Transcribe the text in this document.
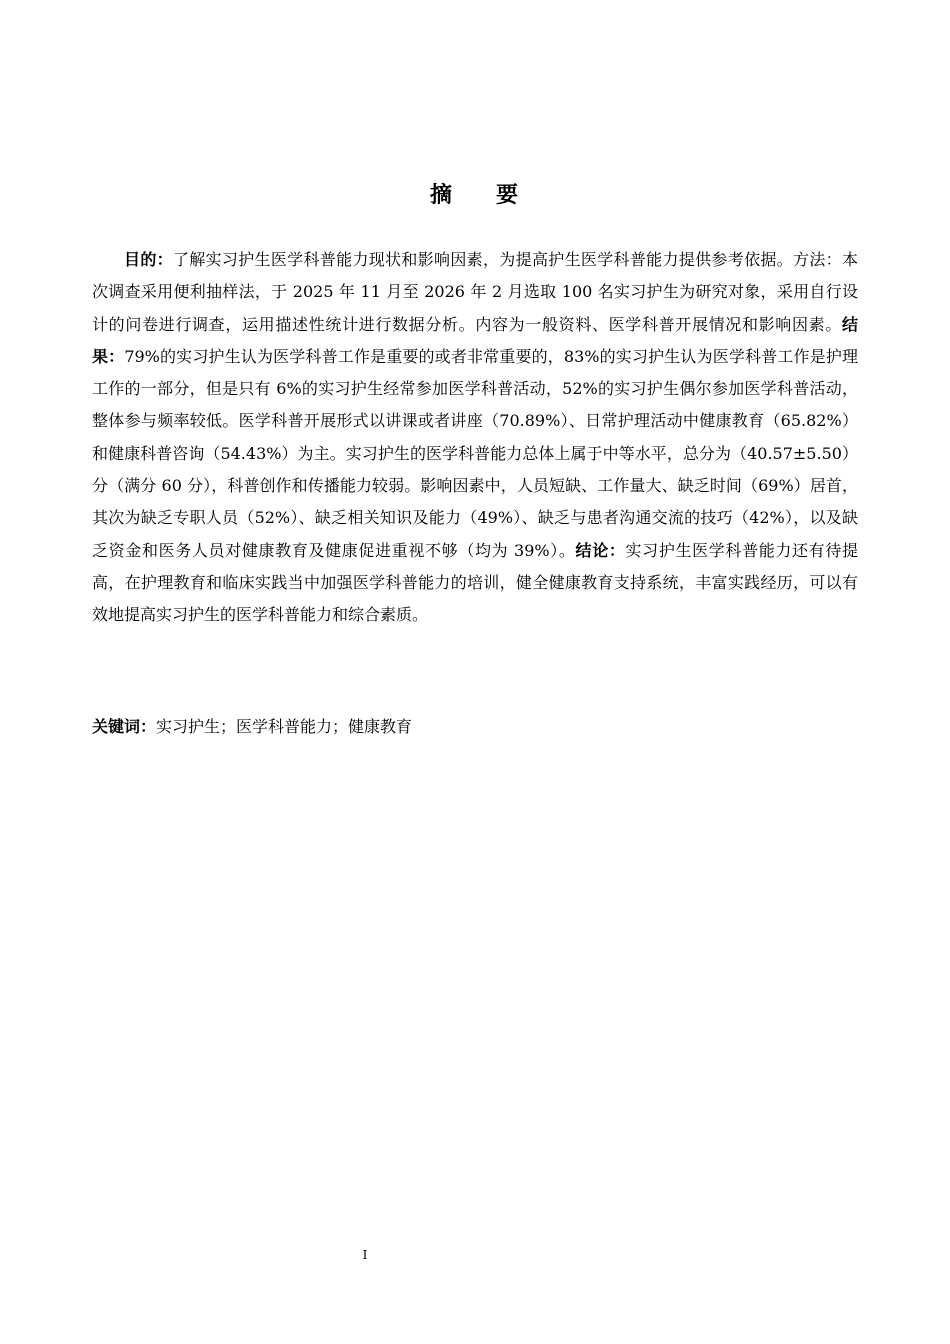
摘 要

目的：了解实习护生医学科普能力现状和影响因素，为提高护生医学科普能力提供参考依据。方法：本次调查采用便利抽样法，于 2025 年 11 月至 2026 年 2 月选取 100 名实习护生为研究对象，采用自行设计的问卷进行调查，运用描述性统计进行数据分析。内容为一般资料、医学科普开展情况和影响因素。结果：79%的实习护生认为医学科普工作是重要的或者非常重要的，83%的实习护生认为医学科普工作是护理工作的一部分，但是只有 6%的实习护生经常参加医学科普活动，52%的实习护生偶尔参加医学科普活动，整体参与频率较低。医学科普开展形式以讲课或者讲座（70.89%）、日常护理活动中健康教育（65.82%）和健康科普咨询（54.43%）为主。实习护生的医学科普能力总体上属于中等水平，总分为（40.57±5.50）分（满分 60 分），科普创作和传播能力较弱。影响因素中，人员短缺、工作量大、缺乏时间（69%）居首，其次为缺乏专职人员（52%）、缺乏相关知识及能力（49%）、缺乏与患者沟通交流的技巧（42%），以及缺乏资金和医务人员对健康教育及健康促进重视不够（均为 39%）。结论：实习护生医学科普能力还有待提高，在护理教育和临床实践当中加强医学科普能力的培训，健全健康教育支持系统，丰富实践经历，可以有效地提高实习护生的医学科普能力和综合素质。

关键词：实习护生；医学科普能力；健康教育

I
